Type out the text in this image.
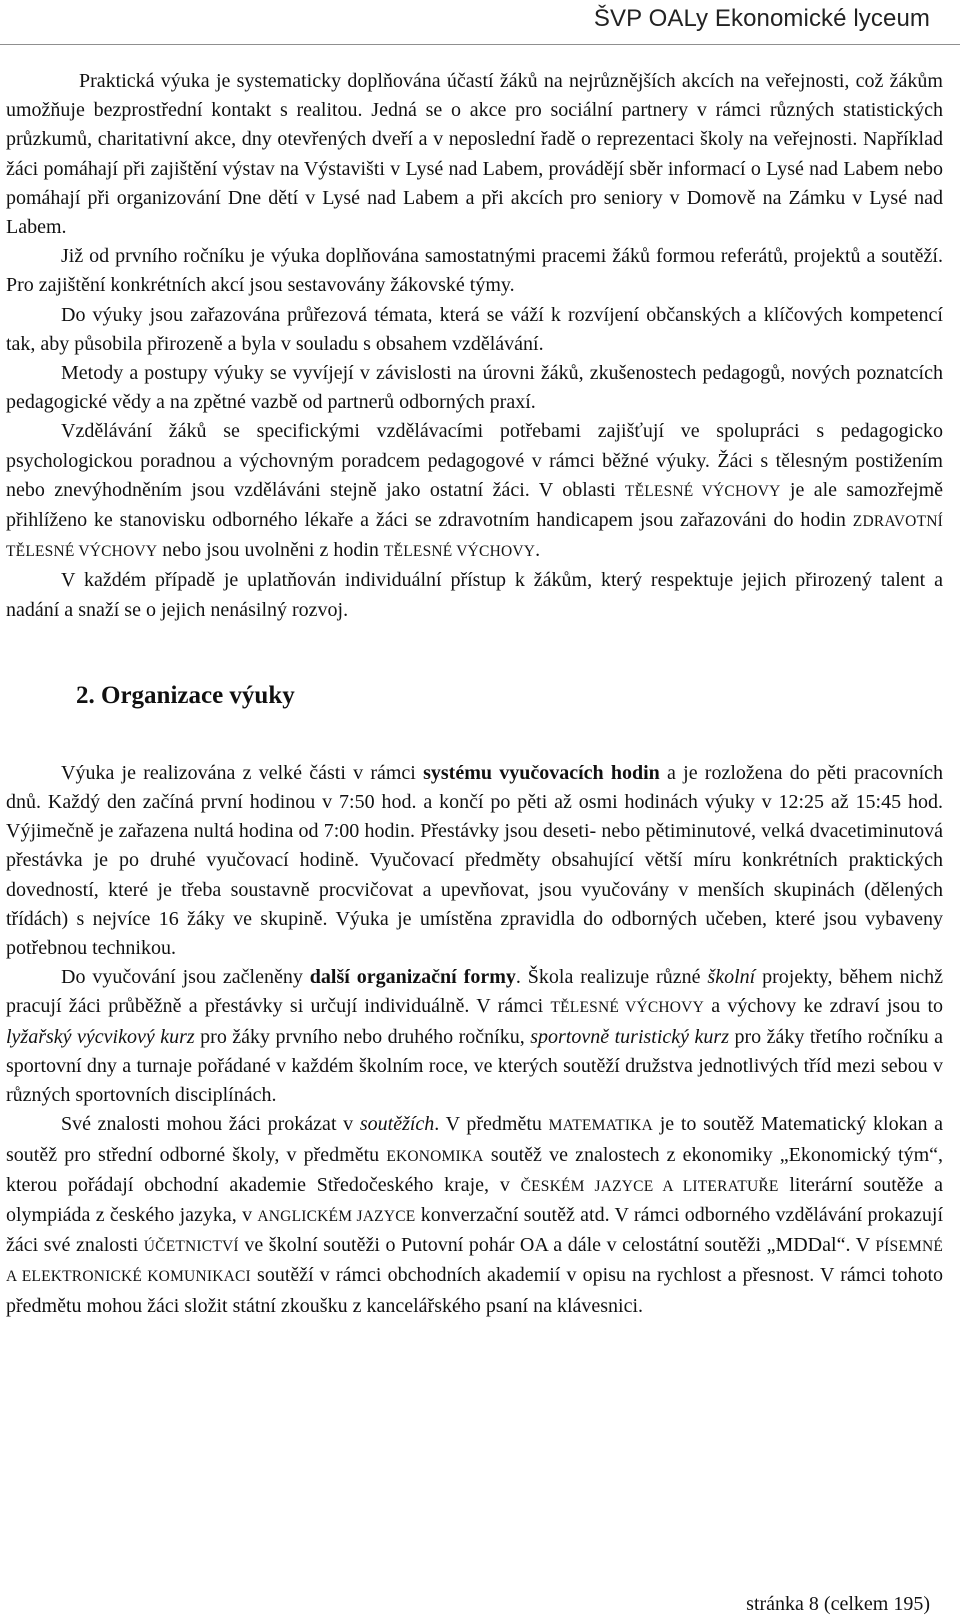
ŠVP OALy Ekonomické lyceum

Praktická výuka je systematicky doplňována účastí žáků na nejrůznějších akcích na veřejnosti, což žákům umožňuje bezprostřední kontakt s realitou. Jedná se o akce pro sociální partnery v rámci různých statistických průzkumů, charitativní akce, dny otevřených dveří a v neposlední řadě o reprezentaci školy na veřejnosti. Například žáci pomáhají při zajištění výstav na Výstavišti v Lysé nad Labem, provádějí sběr informací o Lysé nad Labem nebo pomáhají při organizování Dne dětí v Lysé nad Labem a při akcích pro seniory v Domově na Zámku v Lysé nad Labem.

Již od prvního ročníku je výuka doplňována samostatnými pracemi žáků formou referátů, projektů a soutěží. Pro zajištění konkrétních akcí jsou sestavovány žákovské týmy.

Do výuky jsou zařazována průřezová témata, která se váží k rozvíjení občanských a klíčových kompetencí tak, aby působila přirozeně a byla v souladu s obsahem vzdělávání.

Metody a postupy výuky se vyvíjejí v závislosti na úrovni žáků, zkušenostech pedagogů, nových poznatcích pedagogické vědy a na zpětné vazbě od partnerů odborných praxí.

Vzdělávání žáků se specifickými vzdělávacími potřebami zajišťují ve spolupráci s pedagogicko psychologickou poradnou a výchovným poradcem pedagogové v rámci běžné výuky. Žáci s tělesným postižením nebo znevýhodněním jsou vzděláváni stejně jako ostatní žáci. V oblasti TĚLESNÉ VÝCHOVY je ale samozřejmě přihlíženo ke stanovisku odborného lékaře a žáci se zdravotním handicapem jsou zařazováni do hodin ZDRAVOTNÍ TĚLESNÉ VÝCHOVY nebo jsou uvolněni z hodin TĚLESNÉ VÝCHOVY.

V každém případě je uplatňován individuální přístup k žákům, který respektuje jejich přirozený talent a nadání a snaží se o jejich nenásilný rozvoj.

2. Organizace výuky

Výuka je realizována z velké části v rámci systému vyučovacích hodin a je rozložena do pěti pracovních dnů. Každý den začíná první hodinou v 7:50 hod. a končí po pěti až osmi hodinách výuky v 12:25 až 15:45 hod. Výjimečně je zařazena nultá hodina od 7:00 hodin. Přestávky jsou deseti- nebo pětiminutové, velká dvacetiminutová přestávka je po druhé vyučovací hodině. Vyučovací předměty obsahující větší míru konkrétních praktických dovedností, které je třeba soustavně procvičovat a upevňovat, jsou vyučovány v menších skupinách (dělených třídách) s nejvíce 16 žáky ve skupině. Výuka je umístěna zpravidla do odborných učeben, které jsou vybaveny potřebnou technikou.

Do vyučování jsou začleněny další organizační formy. Škola realizuje různé školní projekty, během nichž pracují žáci průběžně a přestávky si určují individuálně. V rámci TĚLESNÉ VÝCHOVY a výchovy ke zdraví jsou to lyžařský výcvikový kurz pro žáky prvního nebo druhého ročníku, sportovně turistický kurz pro žáky třetího ročníku a sportovní dny a turnaje pořádané v každém školním roce, ve kterých soutěží družstva jednotlivých tříd mezi sebou v různých sportovních disciplínách.

Své znalosti mohou žáci prokázat v soutěžích. V předmětu MATEMATIKA je to soutěž Matematický klokan a soutěž pro střední odborné školy, v předmětu EKONOMIKA soutěž ve znalostech z ekonomiky „Ekonomický tým“, kterou pořádají obchodní akademie Středočeského kraje, v ČESKÉM JAZYCE A LITERATUŘE literární soutěže a olympiáda z českého jazyka, v ANGLICKÉM JAZYCE konverzační soutěž atd. V rámci odborného vzdělávání prokazují žáci své znalosti ÚČETNICTVÍ ve školní soutěži o Putovní pohár OA a dále v celostátní soutěži „MDDal“. V PÍSEMNÉ A ELEKTRONICKÉ KOMUNIKACI soutěží v rámci obchodních akademií v opisu na rychlost a přesnost. V rámci tohoto předmětu mohou žáci složit státní zkoušku z kancelářského psaní na klávesnici.

stránka 8 (celkem 195)
